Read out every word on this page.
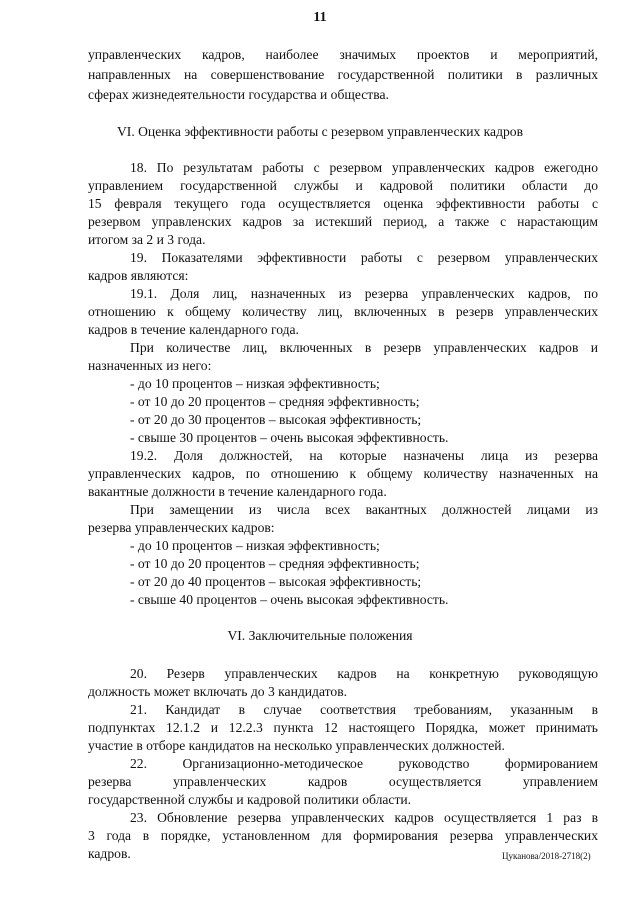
11
управленческих кадров, наиболее значимых проектов и мероприятий,
направленных на совершенствование государственной политики в различных
сферах жизнедеятельности государства и общества.
VI. Оценка эффективности работы с резервом управленческих кадров
18. По результатам работы с резервом управленческих кадров ежегодно
управлением государственной службы и кадровой политики области до
15 февраля текущего года осуществляется оценка эффективности работы с
резервом управленских кадров за истекший период, а также с нарастающим
итогом за 2 и 3 года.
19. Показателями эффективности работы с резервом управленческих
кадров являются:
19.1. Доля лиц, назначенных из резерва управленческих кадров, по
отношению к общему количеству лиц, включенных в резерв управленческих
кадров в течение календарного года.
При количестве лиц, включенных в резерв управленческих кадров и
назначенных из него:
- до 10 процентов – низкая эффективность;
- от 10 до 20 процентов – средняя эффективность;
- от 20 до 30 процентов – высокая эффективность;
- свыше 30 процентов – очень высокая эффективность.
19.2. Доля должностей, на которые назначены лица из резерва
управленческих кадров, по отношению к общему количеству назначенных на
вакантные должности в течение календарного года.
При замещении из числа всех вакантных должностей лицами из
резерва управленческих кадров:
- до 10 процентов – низкая эффективность;
- от 10 до 20 процентов – средняя эффективность;
- от 20 до 40 процентов – высокая эффективность;
- свыше 40 процентов – очень высокая эффективность.
VI. Заключительные положения
20. Резерв управленческих кадров на конкретную руководящую
должность может включать до 3 кандидатов.
21. Кандидат в случае соответствия требованиям, указанным в
подпунктах 12.1.2 и 12.2.3 пункта 12 настоящего Порядка, может принимать
участие в отборе кандидатов на несколько управленческих должностей.
22. Организационно-методическое руководство формированием
резерва управленческих кадров осуществляется управлением
государственной службы и кадровой политики области.
23. Обновление резерва управленческих кадров осуществляется 1 раз в
3 года в порядке, установленном для формирования резерва управленческих
кадров.	Цуканова/2018-2718(2)
